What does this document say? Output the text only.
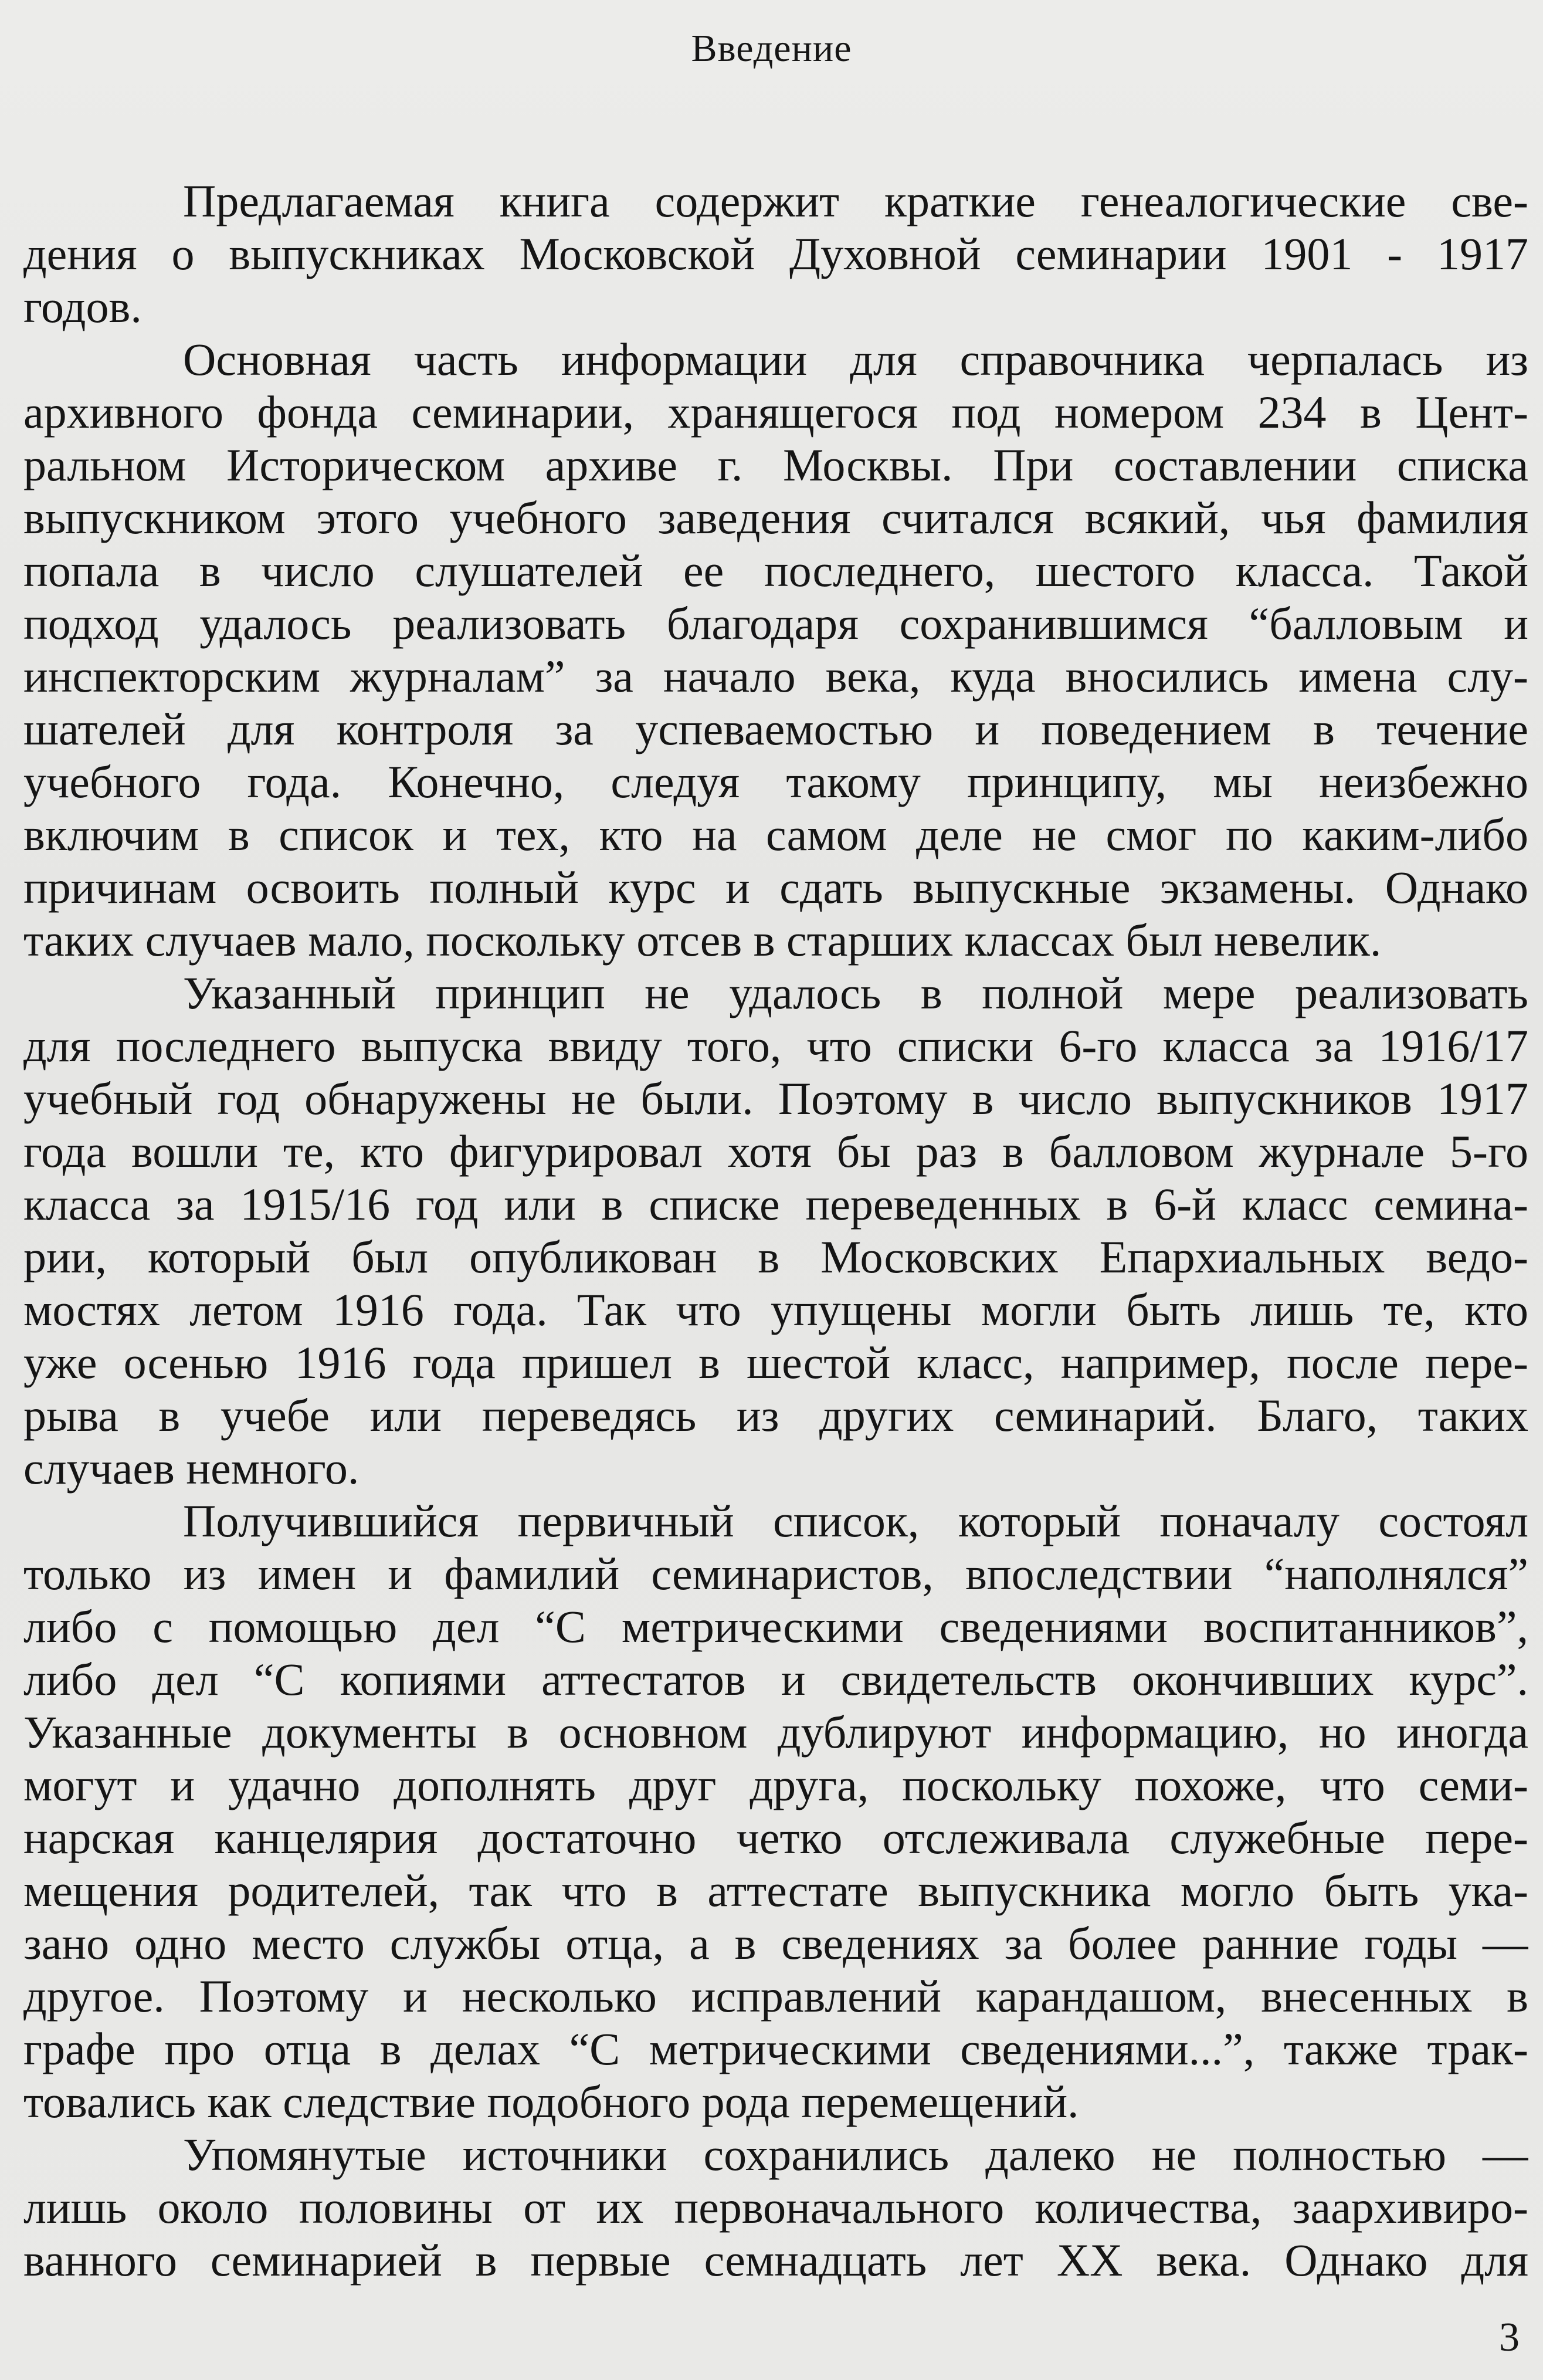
Введение
Предлагаемая книга содержит краткие генеалогические све-
дения о выпускниках Московской Духовной семинарии 1901 - 1917
годов.
Основная часть информации для справочника черпалась из
архивного фонда семинарии, хранящегося под номером 234 в Цент-
ральном Историческом архиве г. Москвы. При составлении списка
выпускником этого учебного заведения считался всякий, чья фамилия
попала в число слушателей ее последнего, шестого класса. Такой
подход удалось реализовать благодаря сохранившимся “балловым и
инспекторским журналам” за начало века, куда вносились имена слу-
шателей для контроля за успеваемостью и поведением в течение
учебного года. Конечно, следуя такому принципу, мы неизбежно
включим в список и тех, кто на самом деле не смог по каким-либо
причинам освоить полный курс и сдать выпускные экзамены. Однако
таких случаев мало, поскольку отсев в старших классах был невелик.
Указанный принцип не удалось в полной мере реализовать
для последнего выпуска ввиду того, что списки 6-го класса за 1916/17
учебный год обнаружены не были. Поэтому в число выпускников 1917
года вошли те, кто фигурировал хотя бы раз в балловом журнале 5-го
класса за 1915/16 год или в списке переведенных в 6-й класс семина-
рии, который был опубликован в Московских Епархиальных ведо-
мостях летом 1916 года. Так что упущены могли быть лишь те, кто
уже осенью 1916 года пришел в шестой класс, например, после пере-
рыва в учебе или переведясь из других семинарий. Благо, таких
случаев немного.
Получившийся первичный список, который поначалу состоял
только из имен и фамилий семинаристов, впоследствии “наполнялся”
либо с помощью дел “С метрическими сведениями воспитанников”,
либо дел “С копиями аттестатов и свидетельств окончивших курс”.
Указанные документы в основном дублируют информацию, но иногда
могут и удачно дополнять друг друга, поскольку похоже, что семи-
нарская канцелярия достаточно четко отслеживала служебные пере-
мещения родителей, так что в аттестате выпускника могло быть ука-
зано одно место службы отца, а в сведениях за более ранние годы —
другое. Поэтому и несколько исправлений карандашом, внесенных в
графе про отца в делах “С метрическими сведениями...”, также трак-
товались как следствие подобного рода перемещений.
Упомянутые источники сохранились далеко не полностью —
лишь около половины от их первоначального количества, заархивиро-
ванного семинарией в первые семнадцать лет XX века. Однако для
3
